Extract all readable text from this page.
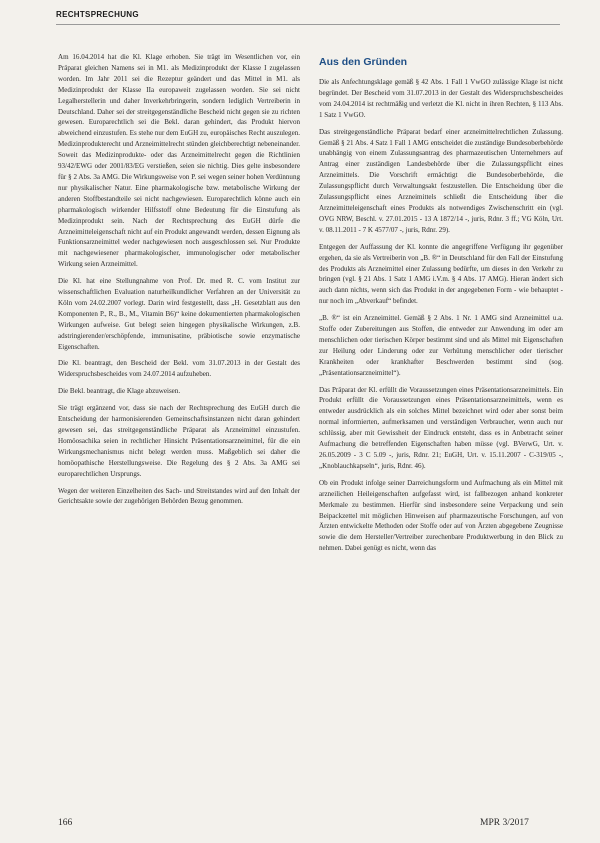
RECHTSPRECHUNG

Am 16.04.2014 hat die Kl. Klage erhoben. Sie trägt im Wesentlichen vor, ein Präparat gleichen Namens sei in M1. als Medizinprodukt der Klasse I zugelassen worden. Im Jahr 2011 sei die Rezeptur geändert und das Mittel in M1. als Medizinprodukt der Klasse IIa europaweit zugelassen worden. Sie sei nicht Legalherstellerin und daher Inverkehrbringerin, sondern lediglich Vertreiberin in Deutschland. Daher sei der streitgegenständliche Bescheid nicht gegen sie zu richten gewesen. Europarechtlich sei die Bekl. daran gehindert, das Produkt hiervon abweichend einzustufen. Es stehe nur dem EuGH zu, europäisches Recht auszulegen. Medizinprodukterecht und Arzneimittelrecht stünden gleichberechtigt nebeneinander. Soweit das Medizinprodukte- oder das Arzneimittelrecht gegen die Richtlinien 93/42/EWG oder 2001/83/EG verstießen, seien sie nichtig. Dies gelte insbesondere für § 2 Abs. 3a AMG. Die Wirkungsweise von P. sei wegen seiner hohen Verdünnung nur physikalischer Natur. Eine pharmakologische bzw. metabolische Wirkung der anderen Stoffbestandteile sei nicht nachgewiesen. Europarechtlich könne auch ein pharmakologisch wirkender Hilfsstoff ohne Bedeutung für die Einstufung als Medizinprodukt sein. Nach der Rechtsprechung des EuGH dürfe die Arzneimitteleigenschaft nicht auf ein Produkt angewandt werden, dessen Eignung als Funktionsarzneimittel weder nachgewiesen noch ausgeschlossen sei. Nur Produkte mit nachgewiesener pharmakologischer, immunologischer oder metabolischer Wirkung seien Arzneimittel.

Die Kl. hat eine Stellungnahme von Prof. Dr. med R. C. vom Institut zur wissenschaftlichen Evaluation naturheilkundlicher Verfahren an der Universität zu Köln vom 24.02.2007 vorlegt. Darin wird festgestellt, dass „H. Gesetzblatt aus den Komponenten P., R., B., M., Vitamin B6)“ keine dokumentierten pharmakologischen Wirkungen aufweise. Gut belegt seien hingegen physikalische Wirkungen, z.B. adstringierender/erschöpfende, immunisatine, präbiotische sowie enzymatische Eigenschaften.

Die Kl. beantragt, den Bescheid der Bekl. vom 31.07.2013 in der Gestalt des Widerspruchsbescheides vom 24.07.2014 aufzuheben.

Die Bekl. beantragt, die Klage abzuweisen.

Sie trägt ergänzend vor, dass sie nach der Rechtsprechung des EuGH durch die Entscheidung der harmonisierenden Gemeinschaftsinstanzen nicht daran gehindert gewesen sei, das streitgegenständliche Präparat als Arzneimittel einzustufen. Homöosachika seien in rechtlicher Hinsicht Präsentationsarzneimittel, für die ein Wirkungsmechanismus nicht belegt werden muss. Maßgeblich sei daher die homöopathische Herstellungsweise. Die Regelung des § 2 Abs. 3a AMG sei europarechtlichen Ursprungs.

Wegen der weiteren Einzelheiten des Sach- und Streitstandes wird auf den Inhalt der Gerichtsakte sowie der zugehörigen Behörden Bezug genommen.

Aus den Gründen

Die als Anfechtungsklage gemäß § 42 Abs. 1 Fall 1 VwGO zulässige Klage ist nicht begründet. Der Bescheid vom 31.07.2013 in der Gestalt des Widerspruchsbescheides vom 24.04.2014 ist rechtmäßig und verletzt die Kl. nicht in ihren Rechten, § 113 Abs. 1 Satz 1 VwGO.

Das streitgegenständliche Präparat bedarf einer arzneimittelrechtlichen Zulassung. Gemäß § 21 Abs. 4 Satz 1 Fall 1 AMG entscheidet die zuständige Bundesoberbehörde unabhängig von einem Zulassungsantrag des pharmazeutischen Unternehmers auf Antrag einer zuständigen Landesbehörde über die Zulassungspflicht eines Arzneimittels. Die Vorschrift ermächtigt die Bundesoberbehörde, die Zulassungspflicht durch Verwaltungsakt festzustellen. Die Entscheidung über die Zulassungspflicht eines Arzneimittels schließt die Entscheidung über die Arzneimitteleigenschaft eines Produkts als notwendiges Zwischenschritt ein (vgl. OVG NRW, Beschl. v. 27.01.2015 - 13 A 1872/14 -, juris, Rdnr. 3 ff.; VG Köln, Urt. v. 08.11.2011 - 7 K 4577/07 -, juris, Rdnr. 29).

Entgegen der Auffassung der Kl. konnte die angegriffene Verfügung ihr gegenüber ergehen, da sie als Vertreiberin von „B. ®“ in Deutschland für den Fall der Einstufung des Produkts als Arzneimittel einer Zulassung bedürfte, um dieses in den Verkehr zu bringen (vgl. § 21 Abs. 1 Satz 1 AMG i.V.m. § 4 Abs. 17 AMG). Hieran ändert sich auch dann nichts, wenn sich das Produkt in der angegebenen Form - wie behauptet - nur noch im „Abverkauf“ befindet.

„B. ®“ ist ein Arzneimittel. Gemäß § 2 Abs. 1 Nr. 1 AMG sind Arzneimittel u.a. Stoffe oder Zubereitungen aus Stoffen, die entweder zur Anwendung im oder am menschlichen oder tierischen Körper bestimmt sind und als Mittel mit Eigenschaften zur Heilung oder Linderung oder zur Verhütung menschlicher oder tierischer Krankheiten oder krankhafter Beschwerden bestimmt sind (sog. „Präsentationsarzneimittel“).

Das Präparat der Kl. erfüllt die Voraussetzungen eines Präsentationsarzneimittels. Ein Produkt erfüllt die Voraussetzungen eines Präsentationsarzneimittels, wenn es entweder ausdrücklich als ein solches Mittel bezeichnet wird oder aber sonst beim normal informierten, aufmerksamen und verständigen Verbraucher, wenn auch nur schlüssig, aber mit Gewissheit der Eindruck entsteht, dass es in Anbetracht seiner Aufmachung die betreffenden Eigenschaften haben müsse (vgl. BVerwG, Urt. v. 26.05.2009 - 3 C 5.09 -, juris, Rdnr. 21; EuGH, Urt. v. 15.11.2007 - C-319/05 -, „Knoblauchkapseln“, juris, Rdnr. 46).

Ob ein Produkt infolge seiner Darreichungsform und Aufmachung als ein Mittel mit arzneilichen Heileigenschaften aufgefasst wird, ist fallbezogen anhand konkreter Merkmale zu bestimmen. Hierfür sind insbesondere seine Verpackung und sein Beipackzettel mit möglichen Hinweisen auf pharmazeutische Forschungen, auf von Ärzten entwickelte Methoden oder Stoffe oder auf von Ärzten abgegebene Zeugnisse sowie die dem Hersteller/Vertreiber zurechenbare Produktwerbung in den Blick zu nehmen. Dabei genügt es nicht, wenn das

166	MPR 3/2017
